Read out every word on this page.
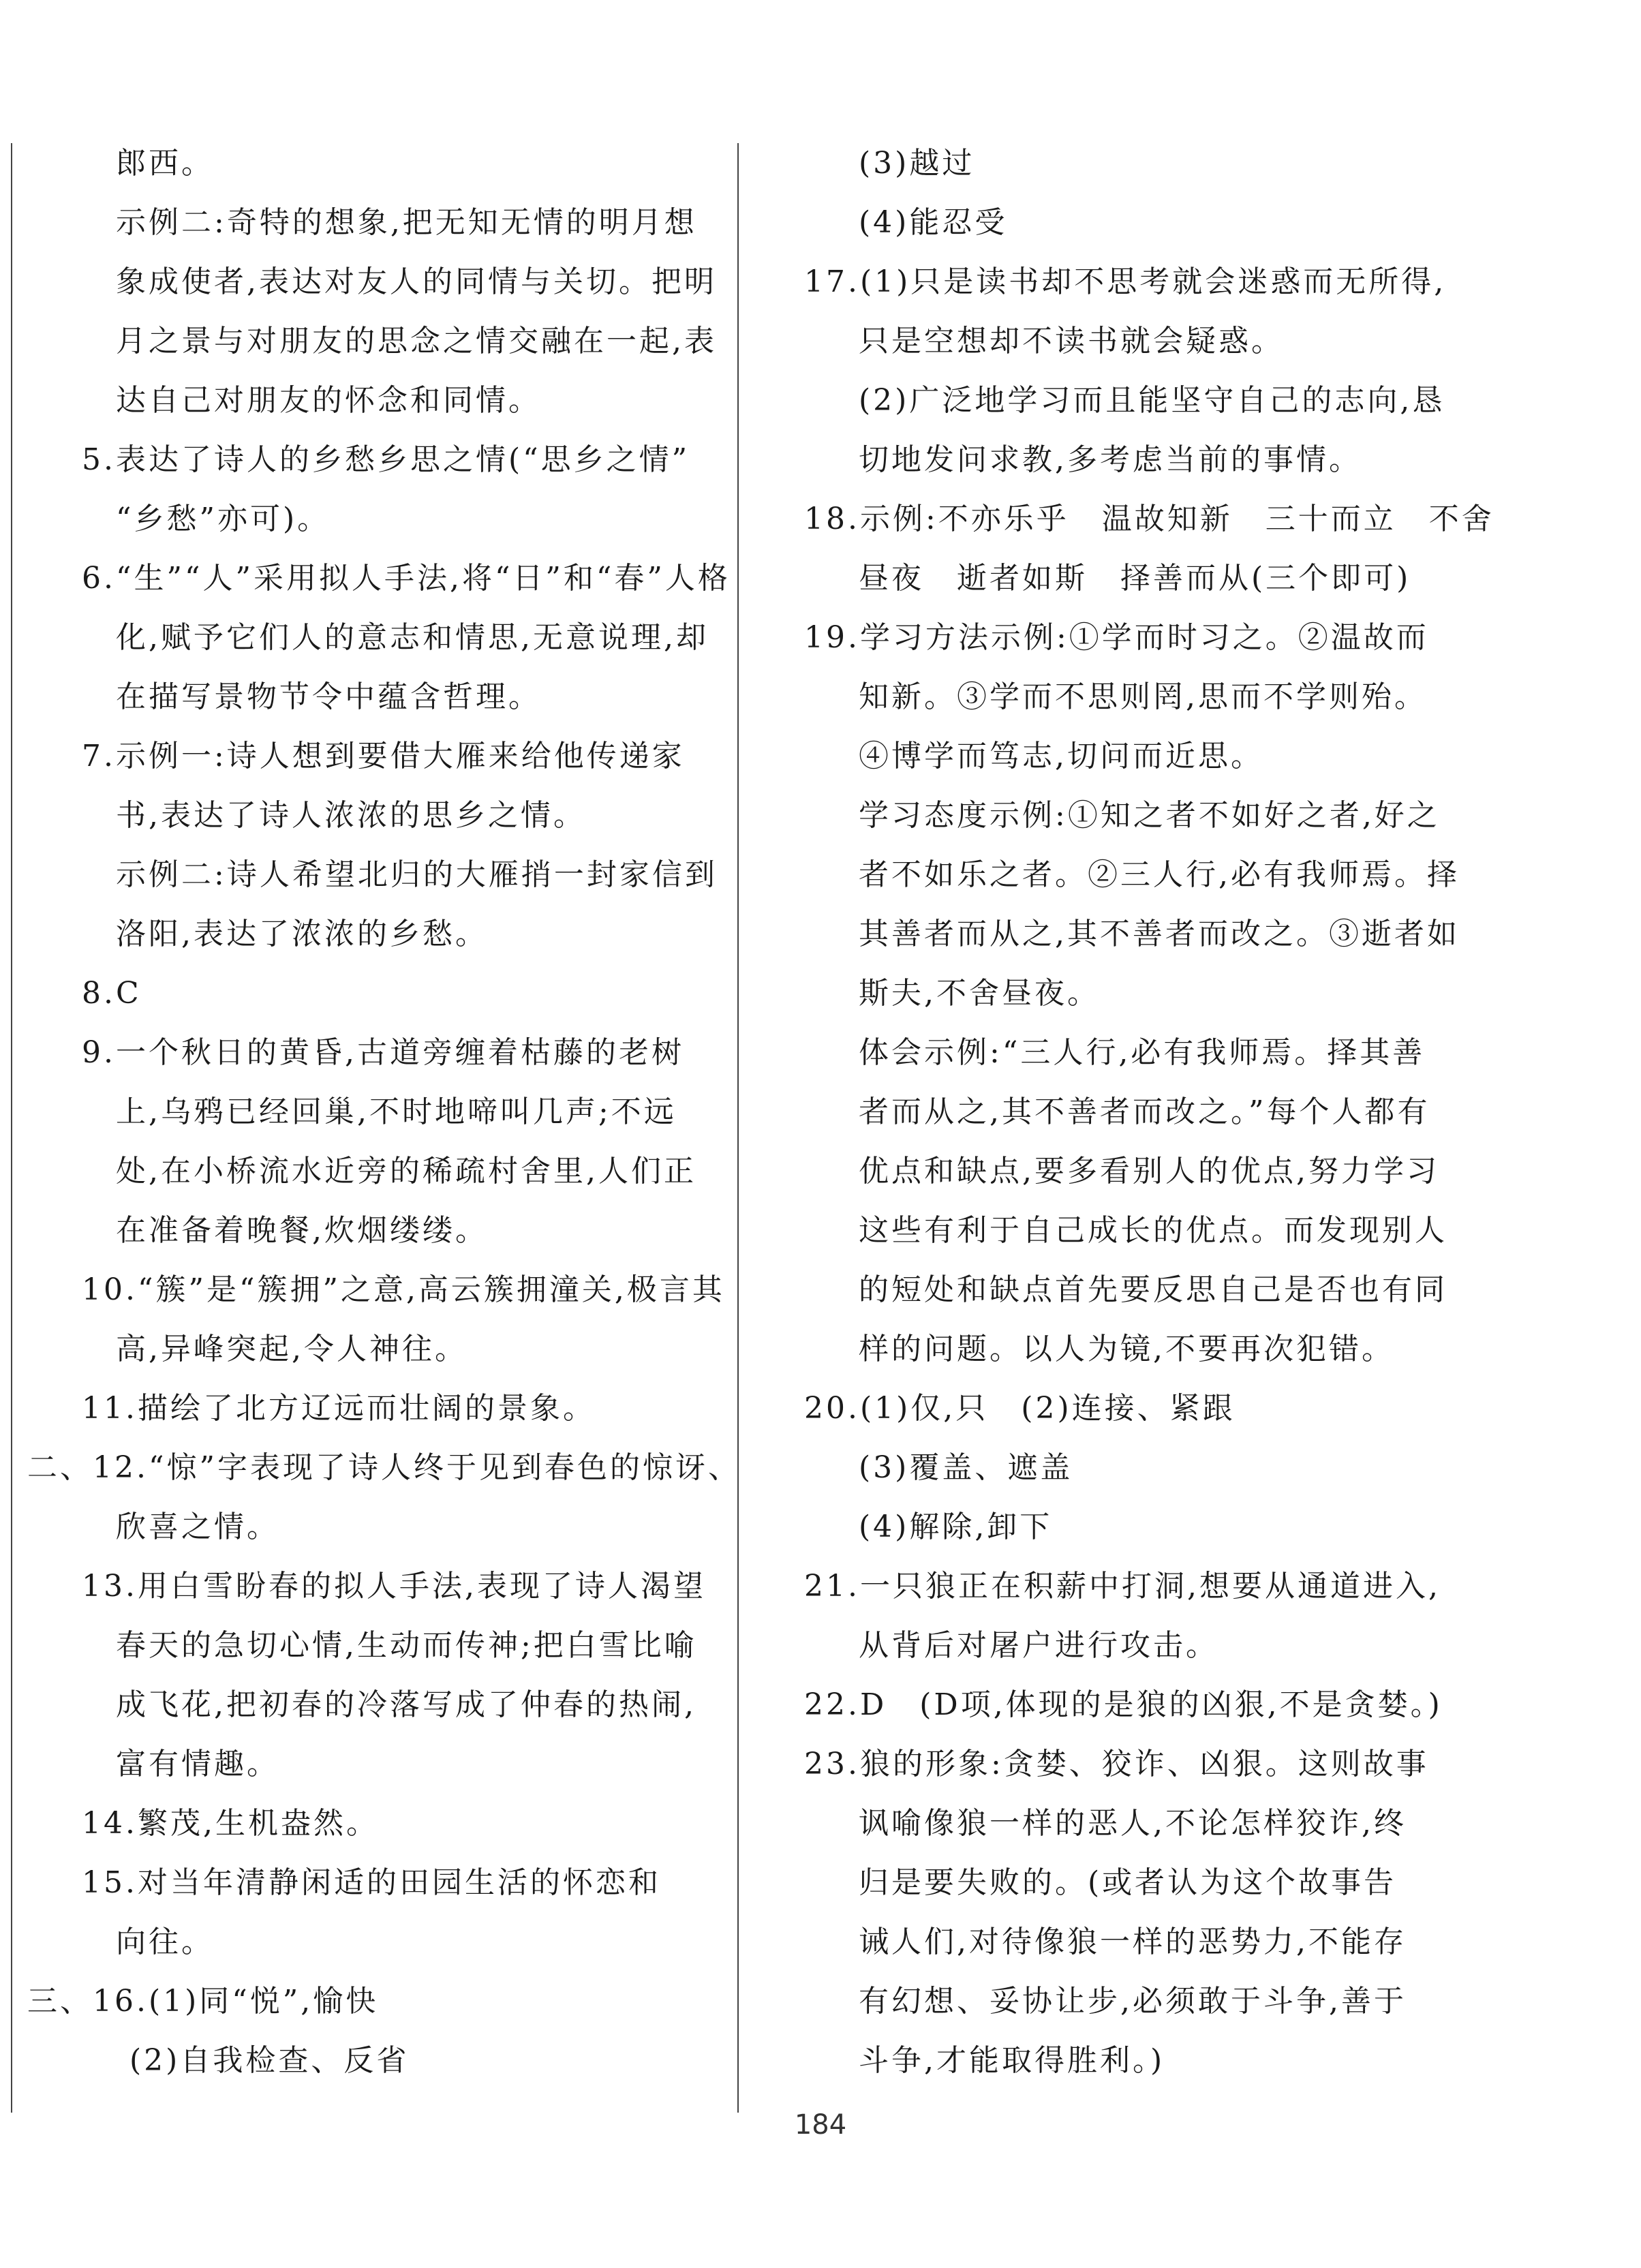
郎西。
示例二:奇特的想象,把无知无情的明月想
象成使者,表达对友人的同情与关切。把明
月之景与对朋友的思念之情交融在一起,表
达自己对朋友的怀念和同情。
5.表达了诗人的乡愁乡思之情(“思乡之情”
“乡愁”亦可)。
6.“生”“人”采用拟人手法,将“日”和“春”人格
化,赋予它们人的意志和情思,无意说理,却
在描写景物节令中蕴含哲理。
7.示例一:诗人想到要借大雁来给他传递家
书,表达了诗人浓浓的思乡之情。
示例二:诗人希望北归的大雁捎一封家信到
洛阳,表达了浓浓的乡愁。
8.C
9.一个秋日的黄昏,古道旁缠着枯藤的老树
上,乌鸦已经回巢,不时地啼叫几声;不远
处,在小桥流水近旁的稀疏村舍里,人们正
在准备着晚餐,炊烟缕缕。
10.“簇”是“簇拥”之意,高云簇拥潼关,极言其
高,异峰突起,令人神往。
11.描绘了北方辽远而壮阔的景象。
二、12.“惊”字表现了诗人终于见到春色的惊讶、
欣喜之情。
13.用白雪盼春的拟人手法,表现了诗人渴望
春天的急切心情,生动而传神;把白雪比喻
成飞花,把初春的冷落写成了仲春的热闹,
富有情趣。
14.繁茂,生机盎然。
15.对当年清静闲适的田园生活的怀恋和
向往。
三、16.(1)同“悦”,愉快
(2)自我检查、反省
(3)越过
(4)能忍受
17.(1)只是读书却不思考就会迷惑而无所得,
只是空想却不读书就会疑惑。
(2)广泛地学习而且能坚守自己的志向,恳
切地发问求教,多考虑当前的事情。
18.示例:不亦乐乎　温故知新　三十而立　不舍
昼夜　逝者如斯　择善而从(三个即可)
19.学习方法示例:①学而时习之。②温故而
知新。③学而不思则罔,思而不学则殆。
④博学而笃志,切问而近思。
学习态度示例:①知之者不如好之者,好之
者不如乐之者。②三人行,必有我师焉。择
其善者而从之,其不善者而改之。③逝者如
斯夫,不舍昼夜。
体会示例:“三人行,必有我师焉。择其善
者而从之,其不善者而改之。”每个人都有
优点和缺点,要多看别人的优点,努力学习
这些有利于自己成长的优点。而发现别人
的短处和缺点首先要反思自己是否也有同
样的问题。以人为镜,不要再次犯错。
20.(1)仅,只　(2)连接、紧跟
(3)覆盖、遮盖
(4)解除,卸下
21.一只狼正在积薪中打洞,想要从通道进入,
从背后对屠户进行攻击。
22.D　(D项,体现的是狼的凶狠,不是贪婪。)
23.狼的形象:贪婪、狡诈、凶狠。这则故事
讽喻像狼一样的恶人,不论怎样狡诈,终
归是要失败的。(或者认为这个故事告
诫人们,对待像狼一样的恶势力,不能存
有幻想、妥协让步,必须敢于斗争,善于
斗争,才能取得胜利。)
184
